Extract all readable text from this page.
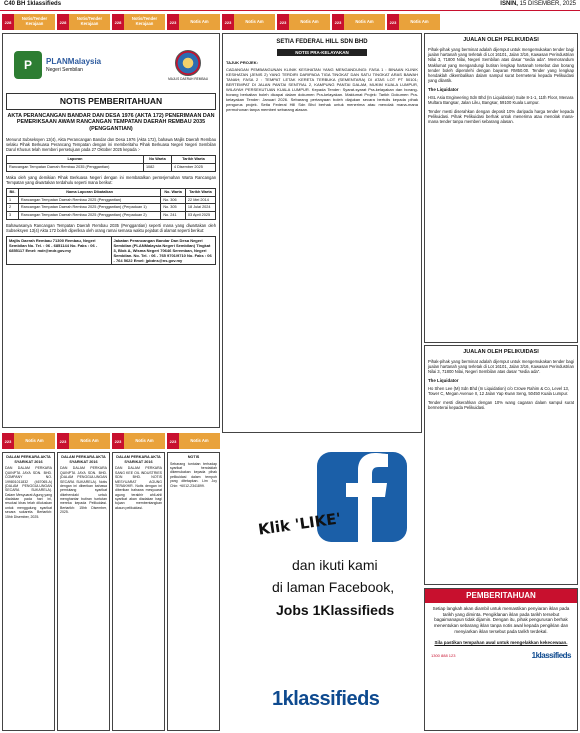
C40 BH 1klassifieds	ISNIN, 15 DISEMBER, 2025
228
Notis/Tender Kerajaan	228
Notis/Tender Kerajaan	228
Notis/Tender Kerajaan	223	Notis Am	223	Notis Am	223	Notis Am	223	Notis Am	223	Notis Am
P	PLANMalaysia
Negeri Sembilan
MAJLIS DAERAH REMBAU
NOTIS PEMBERITAHUAN
AKTA PERANCANGAN BANDAR DAN DESA 1976 (AKTA 172) PENERIMAAN DAN PEMERIKSAAN AWAM RANCANGAN TEMPATAN DAERAH REMBAU 2035 (PENGGANTIAN)

Menurut Subseksyen 13(4), Akta Perancangan Bandar dan Desa 1976 (Akta 172), bahawa Majlis Daerah Rembau selaku Pihak Berkuasa Perancang Tempatan dengan ini memberitahu Pihak Berkuasa Negeri Negeri Sembilan Darul Khusus telah memberi persetujuan pada 27 Oktober 2025 kepada :-

Laporan	No Warta	Tarikh Warta
Rancangan Tempatan Daerah Rembau 2035 (Penggantian)	1082	4 Disember 2025

Maka oleh yang demikian Pihak Berkuasa Negeri dengan ini membatalkan penterjemahan Warta Rancangan Tempatan yang diwartakan terdahulu seperti mana berikut:

Bil.	Nama Laporan Dibatalkan	No. Warta	Tarikh Warta
1	Rancangan Tempatan Daerah Rembau 2025 (Penggantian)	No. 306	22 Mei 2014
2	Rancangan Tempatan Daerah Rembau 2025 (Penggantian) (Perpaduan 1)	No. 305	18 Julai 2024
3	Rancangan Tempatan Daerah Rembau 2025 (Penggantian) (Perpaduan 2)	No. 241	03 April 2025

Bahawasanya Rancangan Tempatan Daerah Rembau 2035 (Penggantian) seperti mana yang diwartakan oleh Subseksyen 13(4) Akta 172 boleh diperiksa oleh orang ramai semasa waktu pejabat di alamat seperti berikut:

Majlis Daerah Rembau 71300 Rembau, Negeri Sembilan No. Tel. : 06 - 6851144 No. Faks : 06 - 6855117 Emel: mdr@mdr.gov.my	Jabatan Perancangan Bandar Dan Desa Negeri Sembilan (PLANMalaysia Negeri Sembilan) Tingkat 3, Blok A, Wisma Negeri 70646 Seremban, Negeri Sembilan. No. Tel. : 06 - 765 9701/9710 No. Faks : 06 - 764 5622 Emel: jpbdns@ns.gov.my
SETIA FEDERAL HILL SDN BHD
NOTIS PRA-KELAYAKAN
TAJUK PROJEK:

CADANGAN PEMBANGUNAN KLINIK KESIHATAN YANG MENGANDUNGI: FASA 1 : BINAAN KLINIK KESIHATAN (JENIS 2) YANG TERDIRI DARIPADA TIGA TINGKAT DAN SATU TINGKAT ARAS BAWAH TANAH; FASA 2 : TEMPAT LETAK KERETA TERBUKA (SEMENTARA) DI ATAS LOT PT 50101; BERTEMPAT DI JALAN PANTAI SENTRAL 2, KAMPUNG PANTAI DALAM, MUKIM KUALA LUMPUR, WILAYAH PERSEKUTUAN KUALA LUMPUR. Kepada Tender: Syarat-syarat Pra-kelayakan dan borang-borang berkaitan boleh dicapai dalam dokumen Pra-kelayakan. Maklumat Projek: Tarikh Dokumen Pra-kelayakan Tender: Januari 2026. Sebarang pertanyaan boleh diajukan secara bertulis kepada pihak pengurus projek. Setia Federal Hill Sdn Bhd berhak untuk menerima atau menolak mana-mana permohonan tanpa memberi sebarang alasan.

JUALAN OLEH PELIKUIDASI

Pihak-pihak yang berminat adalah dijemput untuk mengemukakan tender bagi jualan hartanah yang terletak di Lot 16101, Jalan 3/16, Kawasan Perindustrian Nilai 3, 71800 Nilai, Negeri Sembilan atas dasar "sedia ada". Memorandum Maklumat yang mengandungi butiran lengkap hartanah tersebut dan borang tender boleh diperolehi dengan bayaran RM50.00. Tender yang lengkap hendaklah dikembalikan dalam sampul surat bermeterai kepada Pelikuidasi yang dilantik.

The Liquidator

HSL Asia Engineering Sdn Bhd (In Liquidation) Suite 8-1-1, 11th Floor, Menara Multara Bangsar, Jalan Liku, Bangsar, 59100 Kuala Lumpur.

Tender mesti diserahkan dengan deposit 10% daripada harga tender kepada Pelikuidasi. Pihak Pelikuidasi berhak untuk menerima atau menolak mana-mana tender tanpa memberi sebarang alasan.

JUALAN OLEH PELIKUIDASI

Pihak-pihak yang berminat adalah dijemput untuk mengemukakan tender bagi jualan hartanah yang terletak di Lot 16101, Jalan 3/16, Kawasan Perindustrian Nilai 3, 71800 Nilai, Negeri Sembilan atas dasar "sedia ada".

The Liquidator

Ho Shen Lee (M) Sdn Bhd (In Liquidation) c/o Crowe Rahim & Co, Level 13, Tower C, Megan Avenue II, 12 Jalan Yap Kwan Seng, 50450 Kuala Lumpur.

Tender mesti diserahkan dengan 10% wang cagaran dalam sampul surat bermeterai kepada Pelikuidasi.

PEMBERITAHUAN

Setiap langkah akan diambil untuk memastikan penyiaran iklan pada tarikh yang diminta. Pengiklanan iklan pada tarikh tersebut bagaimanapun tidak dijamin. Dengan itu, pihak pengurusan berhak menentukan sebarang iklan tanpa notis awal kepada pengiklan dan menyiarkan iklan tersebut pada tarikh terdekal.

Sila pastikan tempahan awal untuk mengelakkan kekecewaan.

1300 888 123	1klassifieds
223	Notis Am	223	Notis Am	223	Notis Am	223	Notis Am
DALAM PERKARA AKTA SYARIKAT 2016

DAN DALAM PERKARA QUINPTA JAYA SDN. BHD. COMPANY NO. 199801011832 (467065-A) (DALAM PENGGULUNGAN SECARA SUKARELA). Dalam Mesyuarat Agung yang diadakan pada hari ini, resolusi khas telah diluluskan untuk menggulung syarikat secara sukarela. Bertarikh: 15hb Disember, 2025.

DALAM PERKARA AKTA SYARIKAT 2016

DAN DALAM PERKARA QUINPTA JAYA SDN. BHD. (DALAM PENGGULUNGAN SECARA SUKARELA). Notis dengan ini diberikan bahawa pemiutang syarikat dikehendaki untuk menghantar butiran tuntutan mereka kepada Pelikuidasi. Bertarikh: 15hb Disember, 2025.

DALAM PERKARA AKTA SYARIKAT 2016

DAN DALAM PERKARA SANG KEE OIL INDUSTRIES SDN BHD. NOTIS MESYUARAT AGUNG TERAKHIR. Notis dengan ini diberikan bahawa mesyuarat agung terakhir ahli-ahli syarikat akan diadakan bagi tujuan membentangkan akaun pelikuidasi.

NOTIS

Sebarang tuntutan terhadap syarikat hendaklah dikemukakan kepada pihak pelikuidasi dalam tempoh yang ditetapkan. Lim Joy Chin: +6012-2341899.

Klik 'LIKE'
dan ikuti kami
di laman Facebook,
Jobs 1Klassifieds
1klassifieds
